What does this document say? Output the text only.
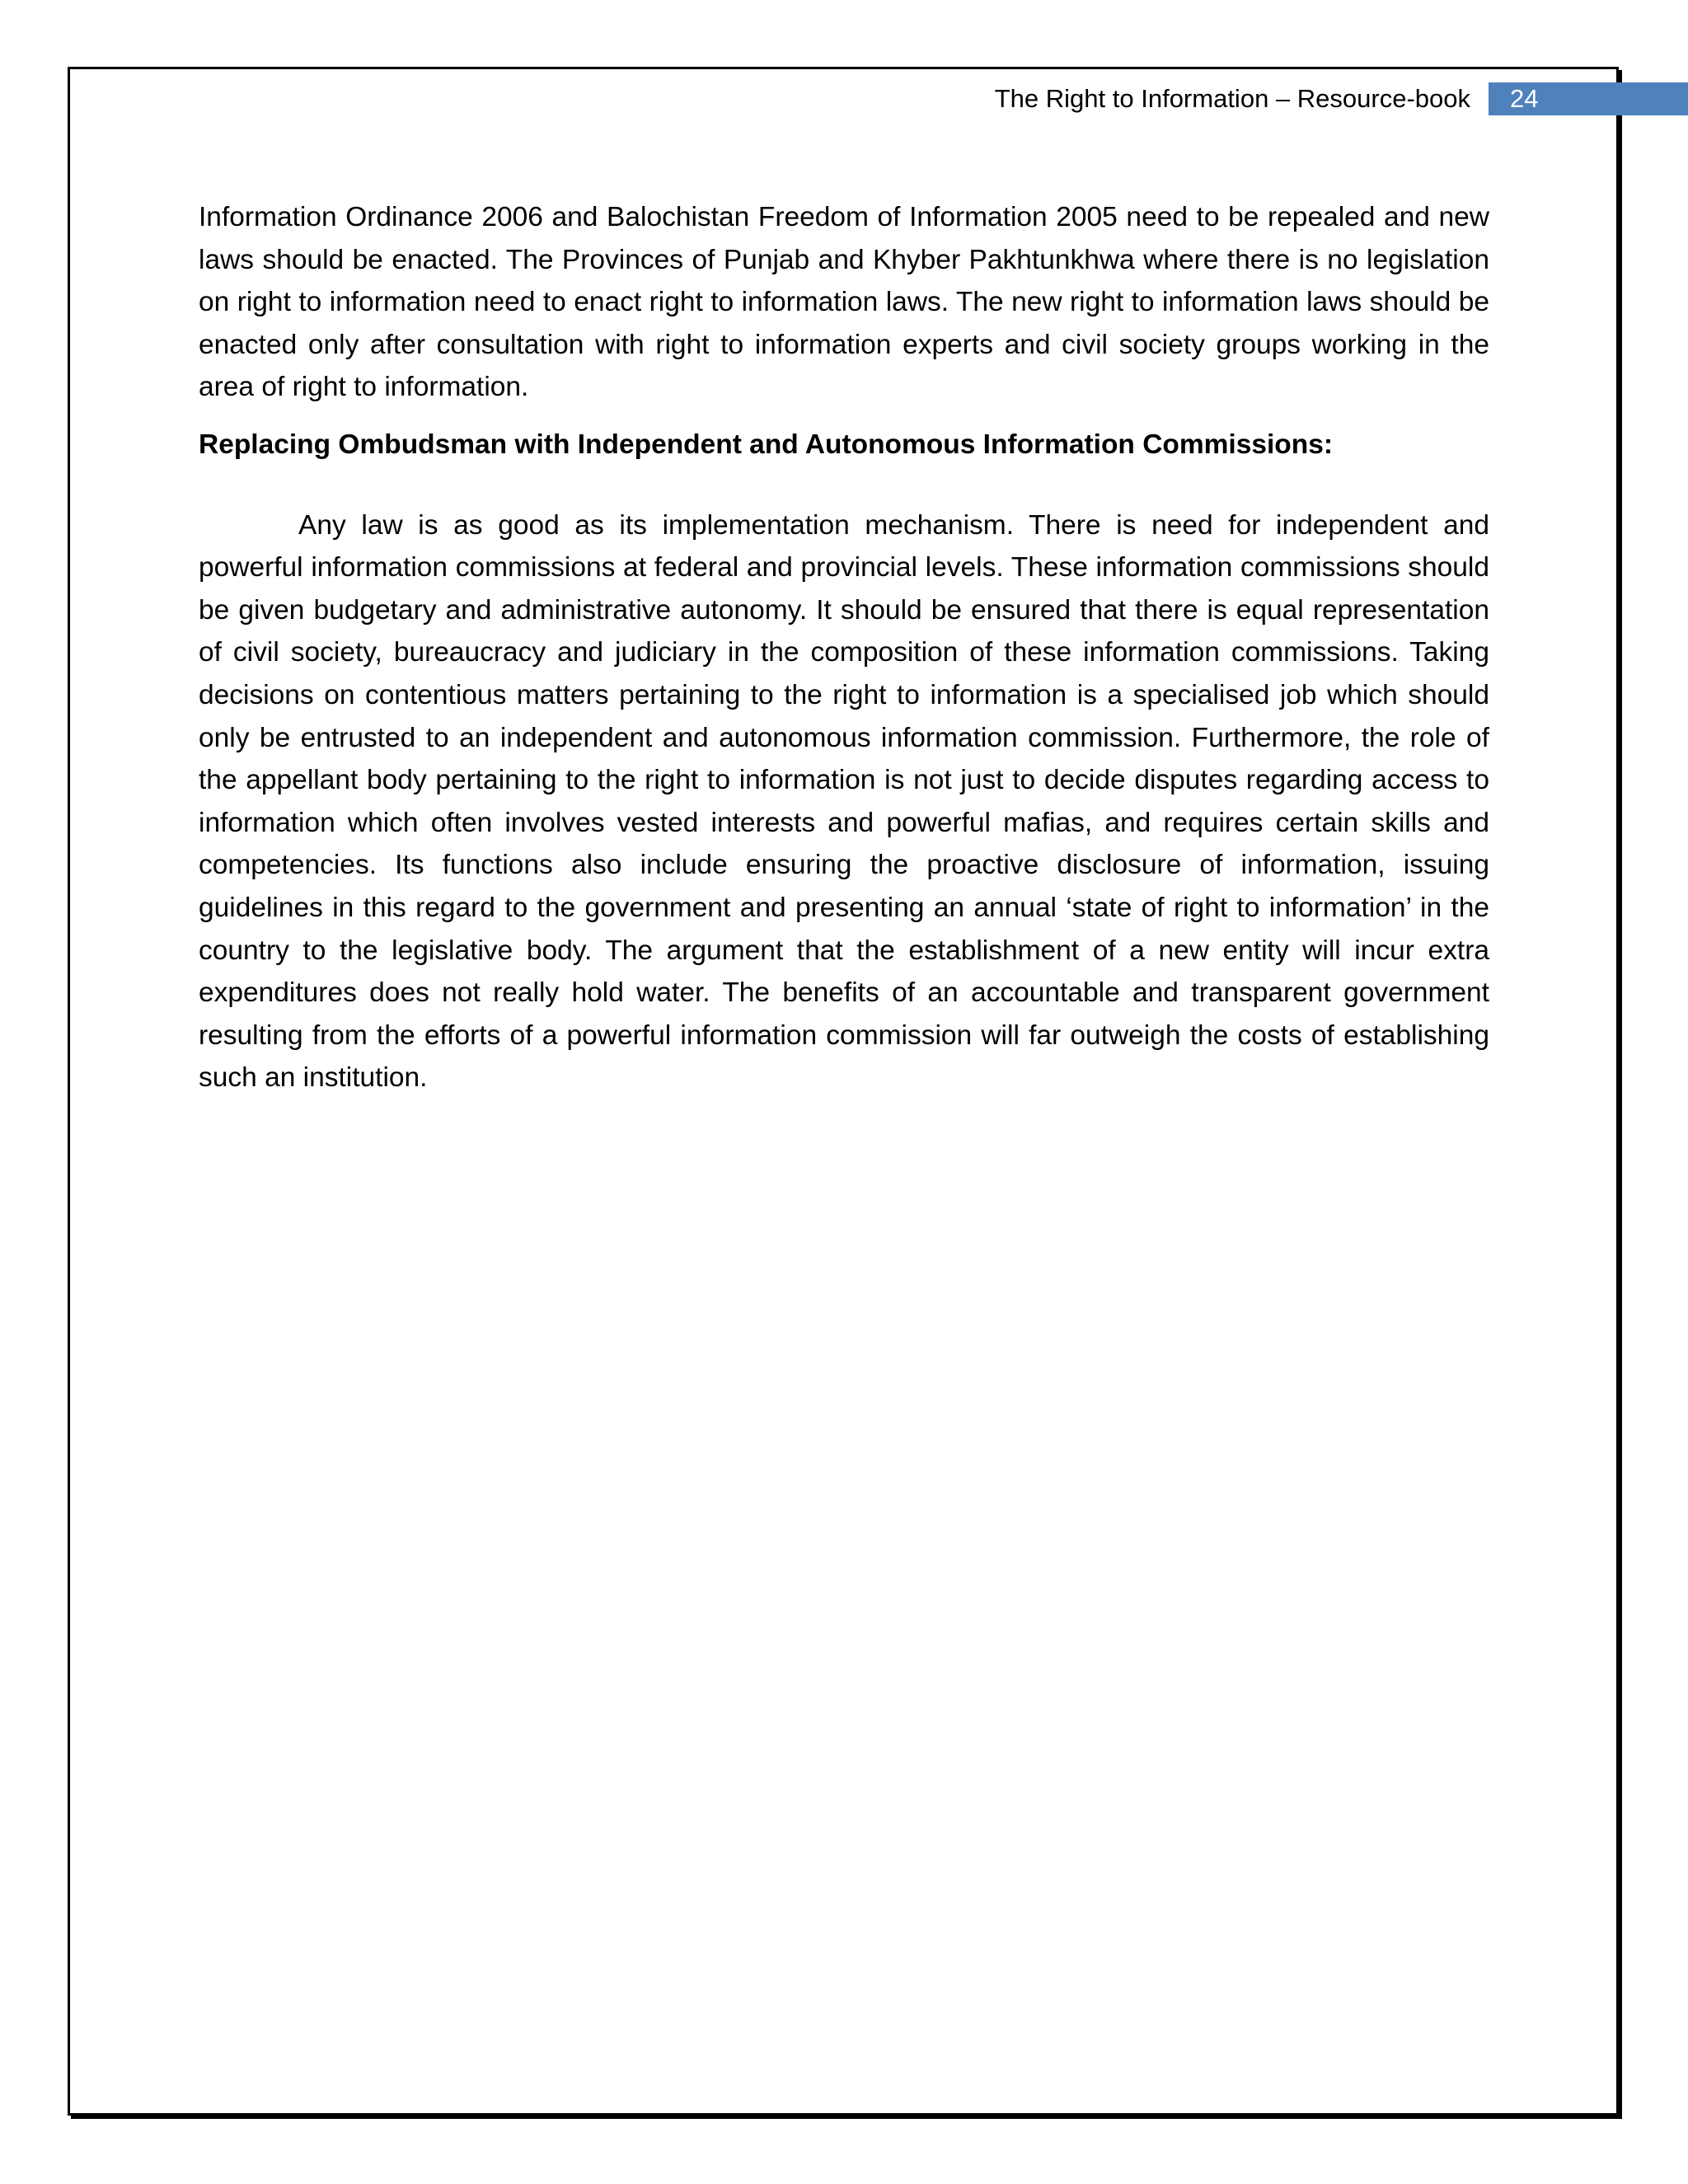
The Right to Information – Resource-book 24

Information Ordinance 2006 and Balochistan Freedom of Information 2005 need to be repealed and new laws should be enacted. The Provinces of Punjab and Khyber Pakhtunkhwa where there is no legislation on right to information need to enact right to information laws. The new right to information laws should be enacted only after consultation with right to information experts and civil society groups working in the area of right to information.

Replacing Ombudsman with Independent and Autonomous Information Commissions:

Any law is as good as its implementation mechanism. There is need for independent and powerful information commissions at federal and provincial levels. These information commissions should be given budgetary and administrative autonomy. It should be ensured that there is equal representation of civil society, bureaucracy and judiciary in the composition of these information commissions. Taking decisions on contentious matters pertaining to the right to information is a specialised job which should only be entrusted to an independent and autonomous information commission. Furthermore, the role of the appellant body pertaining to the right to information is not just to decide disputes regarding access to information which often involves vested interests and powerful mafias, and requires certain skills and competencies. Its functions also include ensuring the proactive disclosure of information, issuing guidelines in this regard to the government and presenting an annual ‘state of right to information’ in the country to the legislative body. The argument that the establishment of a new entity will incur extra expenditures does not really hold water. The benefits of an accountable and transparent government resulting from the efforts of a powerful information commission will far outweigh the costs of establishing such an institution.
